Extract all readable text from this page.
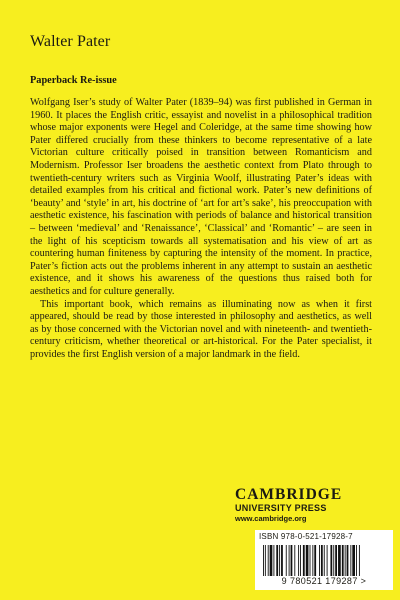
Walter Pater
Paperback Re-issue

Wolfgang Iser’s study of Walter Pater (1839–94) was first published in German in 1960. It places the English critic, essayist and novelist in a philosophical tradition whose major exponents were Hegel and Coleridge, at the same time showing how Pater differed crucially from these thinkers to become representative of a late Victorian culture critically poised in transition between Romanticism and Modernism. Professor Iser broadens the aesthetic context from Plato through to twentieth-century writers such as Virginia Woolf, illustrating Pater’s ideas with detailed examples from his critical and fictional work. Pater’s new definitions of ‘beauty’ and ‘style’ in art, his doctrine of ‘art for art’s sake’, his preoccupation with aesthetic existence, his fascination with periods of balance and historical transition – between ‘medieval’ and ‘Renaissance’, ‘Classical’ and ‘Romantic’ – are seen in the light of his scepticism towards all systematisation and his view of art as countering human finiteness by capturing the intensity of the moment. In practice, Pater’s fiction acts out the problems inherent in any attempt to sustain an aesthetic existence, and it shows his awareness of the questions thus raised both for aesthetics and for culture generally.

This important book, which remains as illuminating now as when it first appeared, should be read by those interested in philosophy and aesthetics, as well as by those concerned with the Victorian novel and with nineteenth- and twentieth-century criticism, whether theoretical or art-historical. For the Pater specialist, it provides the first English version of a major landmark in the field.

CAMBRIDGE
UNIVERSITY PRESS
www.cambridge.org
ISBN 978-0-521-17928-7
9 780521 179287 >
